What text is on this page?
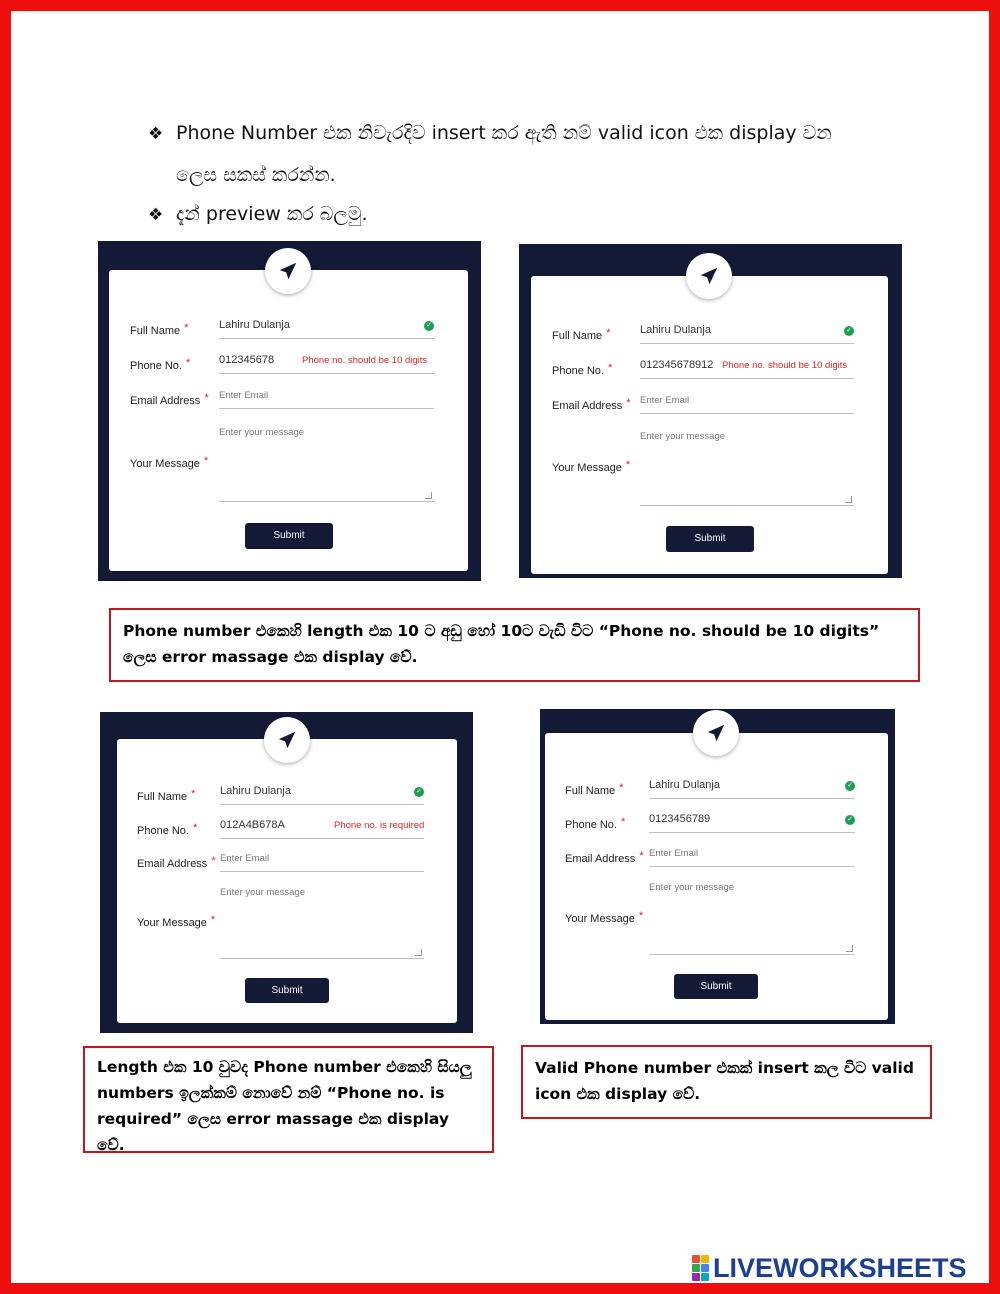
❖ Phone Number එක නිවැරදිව insert කර ඇති නම් valid icon එක display වන
ලෙස සකස් කරන්න.
❖ දැන් preview කර බලමු.
Full Name *	Lahiru Dulanja	✓
Phone No. *	012345678	Phone no. should be 10 digits
Email Address * Enter Email
Enter your message
Your Message *
Submit
Full Name *	Lahiru Dulanja	✓
Phone No. *	012345678912 Phone no. should be 10 digits
Email Address * Enter Email
Enter your message
Your Message *
Submit
Phone number එකෙහි length එක 10 ට අඩු හෝ 10ට වැඩි විට “Phone no. should be 10 digits”
ලෙස error massage එක display වේ.
Full Name * Lahiru Dulanja	✓
Phone No. * 012A4B678A	Phone no. is required
Email Address * Enter Email
Enter your message
Your Message *
Submit
Full Name * Lahiru Dulanja	✓
Phone No. * 0123456789	✓
Email Address * Enter Email
Enter your message
Your Message *
Submit
Length එක 10 වුවද Phone number එකෙහි සියලු
numbers ඉලක්කම් නොවේ නම් “Phone no. is
required” ලෙස error massage එක display වේ.
Valid Phone number එකක් insert කල විට valid
icon එක display වේ.
LIVEWORKSHEETS
